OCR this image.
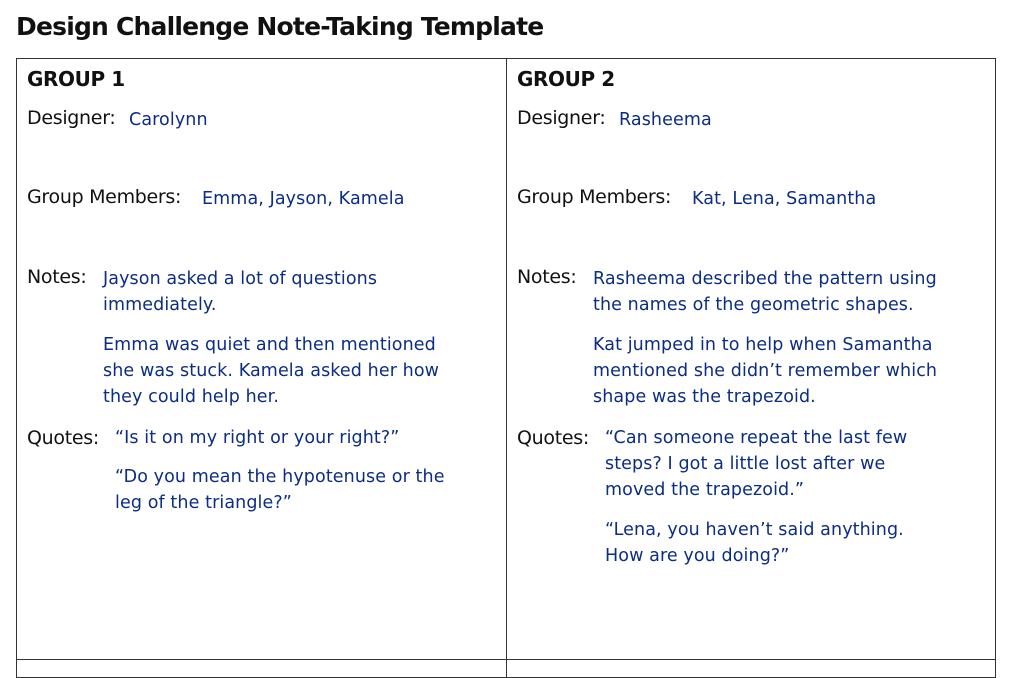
Design Challenge Note-Taking Template
GROUP 1
Designer: Carolynn
Group Members: Emma, Jayson, Kamela
Notes: Jayson asked a lot of questions
immediately.
Emma was quiet and then mentioned
she was stuck. Kamela asked her how
they could help her.
Quotes: “Is it on my right or your right?”
“Do you mean the hypotenuse or the
leg of the triangle?”
GROUP 2
Designer: Rasheema
Group Members: Kat, Lena, Samantha
Notes: Rasheema described the pattern using
the names of the geometric shapes.
Kat jumped in to help when Samantha
mentioned she didn’t remember which
shape was the trapezoid.
Quotes: “Can someone repeat the last few
steps? I got a little lost after we
moved the trapezoid.”
“Lena, you haven’t said anything.
How are you doing?”
